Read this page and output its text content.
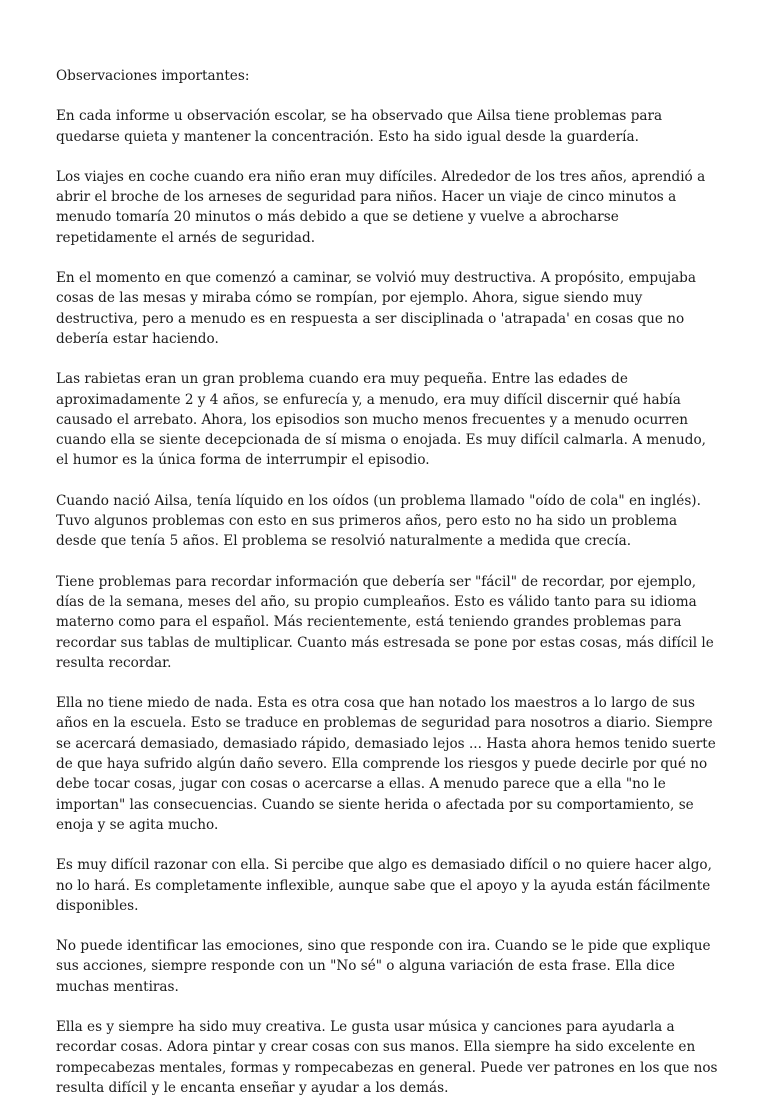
Observaciones importantes:

En cada informe u observación escolar, se ha observado que Ailsa tiene problemas para quedarse quieta y mantener la concentración. Esto ha sido igual desde la guardería.

Los viajes en coche cuando era niño eran muy difíciles. Alrededor de los tres años, aprendió a abrir el broche de los arneses de seguridad para niños. Hacer un viaje de cinco minutos a menudo tomaría 20 minutos o más debido a que se detiene y vuelve a abrocharse repetidamente el arnés de seguridad.

En el momento en que comenzó a caminar, se volvió muy destructiva. A propósito, empujaba cosas de las mesas y miraba cómo se rompían, por ejemplo. Ahora, sigue siendo muy destructiva, pero a menudo es en respuesta a ser disciplinada o 'atrapada' en cosas que no debería estar haciendo.

Las rabietas eran un gran problema cuando era muy pequeña. Entre las edades de aproximadamente 2 y 4 años, se enfurecía y, a menudo, era muy difícil discernir qué había causado el arrebato. Ahora, los episodios son mucho menos frecuentes y a menudo ocurren cuando ella se siente decepcionada de sí misma o enojada. Es muy difícil calmarla. A menudo, el humor es la única forma de interrumpir el episodio.

Cuando nació Ailsa, tenía líquido en los oídos (un problema llamado "oído de cola" en inglés). Tuvo algunos problemas con esto en sus primeros años, pero esto no ha sido un problema desde que tenía 5 años. El problema se resolvió naturalmente a medida que crecía.

Tiene problemas para recordar información que debería ser "fácil" de recordar, por ejemplo, días de la semana, meses del año, su propio cumpleaños. Esto es válido tanto para su idioma materno como para el español. Más recientemente, está teniendo grandes problemas para recordar sus tablas de multiplicar. Cuanto más estresada se pone por estas cosas, más difícil le resulta recordar.

Ella no tiene miedo de nada. Esta es otra cosa que han notado los maestros a lo largo de sus años en la escuela. Esto se traduce en problemas de seguridad para nosotros a diario. Siempre se acercará demasiado, demasiado rápido, demasiado lejos ... Hasta ahora hemos tenido suerte de que haya sufrido algún daño severo. Ella comprende los riesgos y puede decirle por qué no debe tocar cosas, jugar con cosas o acercarse a ellas. A menudo parece que a ella "no le importan" las consecuencias. Cuando se siente herida o afectada por su comportamiento, se enoja y se agita mucho.

Es muy difícil razonar con ella. Si percibe que algo es demasiado difícil o no quiere hacer algo, no lo hará. Es completamente inflexible, aunque sabe que el apoyo y la ayuda están fácilmente disponibles.

No puede identificar las emociones, sino que responde con ira. Cuando se le pide que explique sus acciones, siempre responde con un "No sé" o alguna variación de esta frase. Ella dice muchas mentiras.

Ella es y siempre ha sido muy creativa. Le gusta usar música y canciones para ayudarla a recordar cosas. Adora pintar y crear cosas con sus manos. Ella siempre ha sido excelente en rompecabezas mentales, formas y rompecabezas en general. Puede ver patrones en los que nos resulta difícil y le encanta enseñar y ayudar a los demás.
